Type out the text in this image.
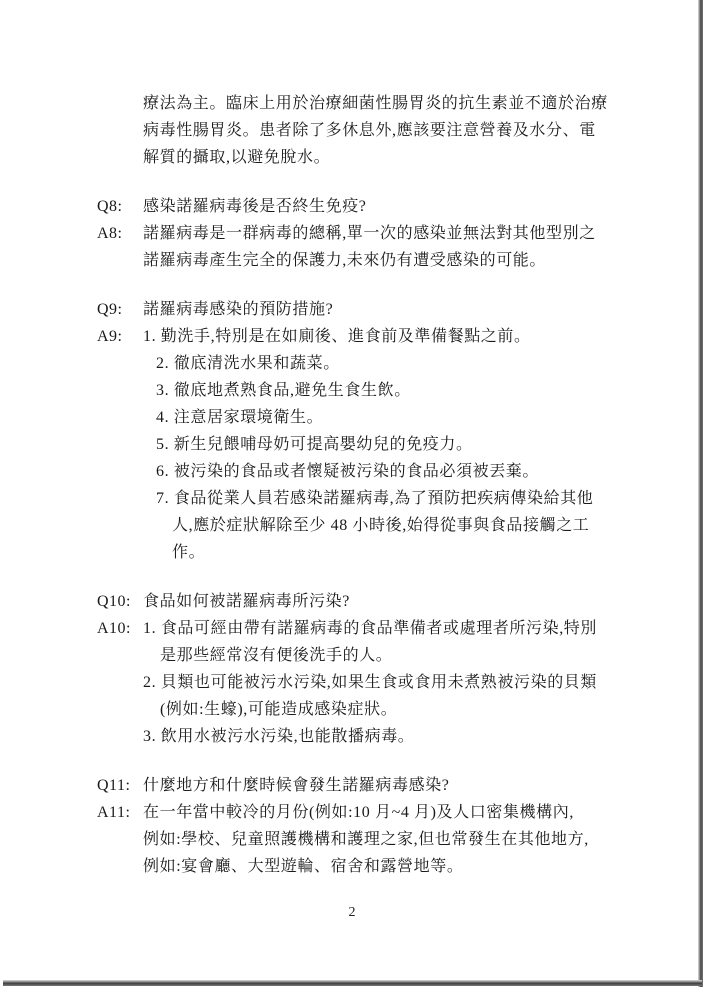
療法為主。臨床上用於治療細菌性腸胃炎的抗生素並不適於治療
病毒性腸胃炎。患者除了多休息外,應該要注意營養及水分、電
解質的攝取,以避免脫水。
Q8: 感染諾羅病毒後是否終生免疫?
A8: 諾羅病毒是一群病毒的總稱,單一次的感染並無法對其他型別之
諾羅病毒產生完全的保護力,未來仍有遭受感染的可能。
Q9: 諾羅病毒感染的預防措施?
A9: 1. 勤洗手,特別是在如廁後、進食前及準備餐點之前。
2. 徹底清洗水果和蔬菜。
3. 徹底地煮熟食品,避免生食生飲。
4. 注意居家環境衛生。
5. 新生兒餵哺母奶可提高嬰幼兒的免疫力。
6. 被污染的食品或者懷疑被污染的食品必須被丟棄。
7. 食品從業人員若感染諾羅病毒,為了預防把疾病傳染給其他
人,應於症狀解除至少 48 小時後,始得從事與食品接觸之工
作。
Q10: 食品如何被諾羅病毒所污染?
A10: 1. 食品可經由帶有諾羅病毒的食品準備者或處理者所污染,特別
是那些經常沒有便後洗手的人。
2. 貝類也可能被污水污染,如果生食或食用未煮熟被污染的貝類
(例如:生蠔),可能造成感染症狀。
3. 飲用水被污水污染,也能散播病毒。
Q11: 什麼地方和什麼時候會發生諾羅病毒感染?
A11: 在一年當中較冷的月份(例如:10 月~4 月)及人口密集機構內,
例如:學校、兒童照護機構和護理之家,但也常發生在其他地方,
例如:宴會廳、大型遊輪、宿舍和露營地等。
2
